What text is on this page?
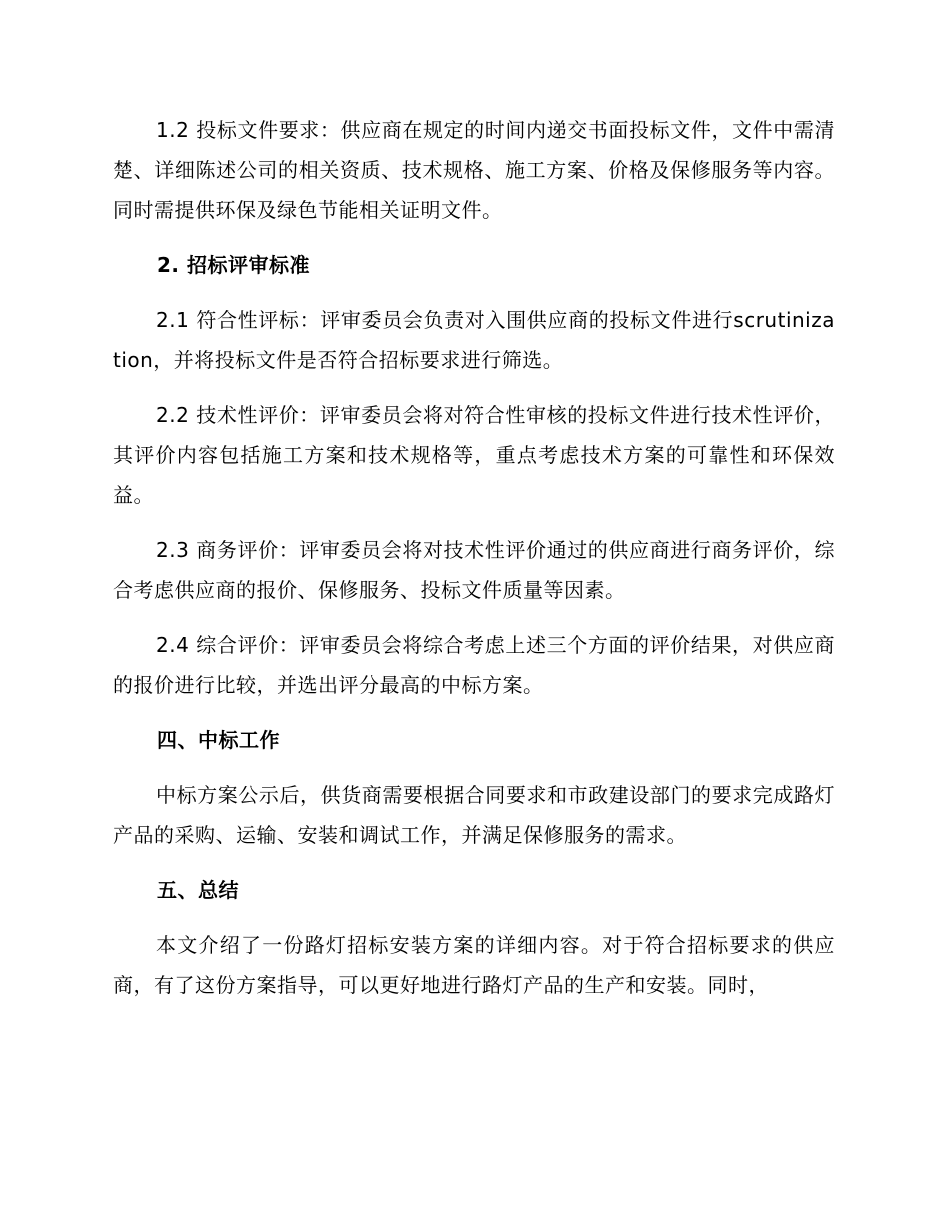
1.2 投标文件要求：供应商在规定的时间内递交书面投标文件，文件中需清楚、详细陈述公司的相关资质、技术规格、施工方案、价格及保修服务等内容。同时需提供环保及绿色节能相关证明文件。

2. 招标评审标准

2.1 符合性评标：评审委员会负责对入围供应商的投标文件进行scrutinization，并将投标文件是否符合招标要求进行筛选。

2.2 技术性评价：评审委员会将对符合性审核的投标文件进行技术性评价，其评价内容包括施工方案和技术规格等，重点考虑技术方案的可靠性和环保效益。

2.3 商务评价：评审委员会将对技术性评价通过的供应商进行商务评价，综合考虑供应商的报价、保修服务、投标文件质量等因素。

2.4 综合评价：评审委员会将综合考虑上述三个方面的评价结果，对供应商的报价进行比较，并选出评分最高的中标方案。

四、中标工作

中标方案公示后，供货商需要根据合同要求和市政建设部门的要求完成路灯产品的采购、运输、安装和调试工作，并满足保修服务的需求。

五、总结

本文介绍了一份路灯招标安装方案的详细内容。对于符合招标要求的供应商，有了这份方案指导，可以更好地进行路灯产品的生产和安装。同时，
